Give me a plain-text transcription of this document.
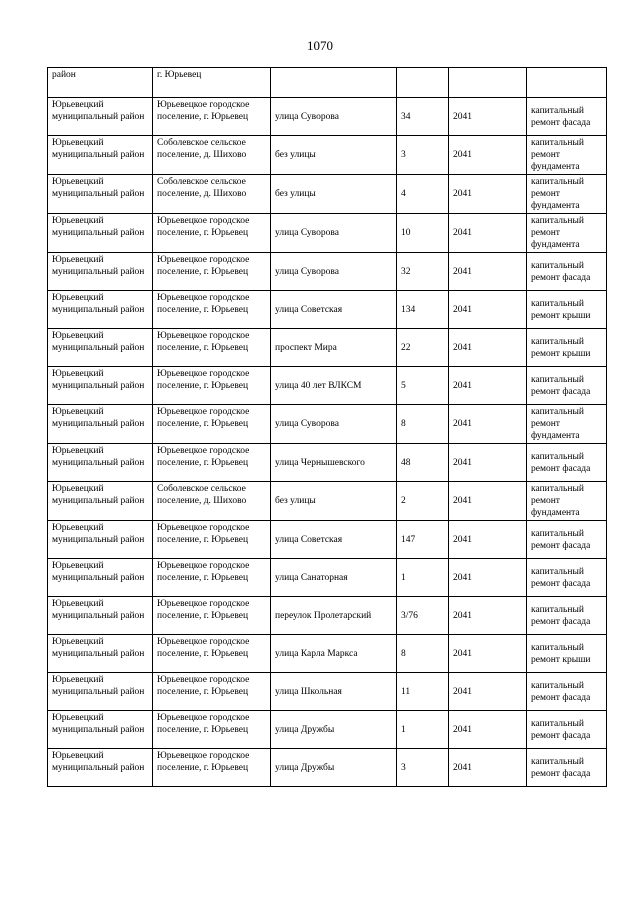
1070
район	г. Юрьевец				
Юрьевецкий муниципальный район	Юрьевецкое городское поселение, г. Юрьевец	улица Суворова	34	2041	капитальный ремонт фасада
Юрьевецкий муниципальный район	Соболевское сельское поселение, д. Шихово	без улицы	3	2041	капитальный ремонт фундамента
Юрьевецкий муниципальный район	Соболевское сельское поселение, д. Шихово	без улицы	4	2041	капитальный ремонт фундамента
Юрьевецкий муниципальный район	Юрьевецкое городское поселение, г. Юрьевец	улица Суворова	10	2041	капитальный ремонт фундамента
Юрьевецкий муниципальный район	Юрьевецкое городское поселение, г. Юрьевец	улица Суворова	32	2041	капитальный ремонт фасада
Юрьевецкий муниципальный район	Юрьевецкое городское поселение, г. Юрьевец	улица Советская	134	2041	капитальный ремонт крыши
Юрьевецкий муниципальный район	Юрьевецкое городское поселение, г. Юрьевец	проспект Мира	22	2041	капитальный ремонт крыши
Юрьевецкий муниципальный район	Юрьевецкое городское поселение, г. Юрьевец	улица 40 лет ВЛКСМ	5	2041	капитальный ремонт фасада
Юрьевецкий муниципальный район	Юрьевецкое городское поселение, г. Юрьевец	улица Суворова	8	2041	капитальный ремонт фундамента
Юрьевецкий муниципальный район	Юрьевецкое городское поселение, г. Юрьевец	улица Чернышевского	48	2041	капитальный ремонт фасада
Юрьевецкий муниципальный район	Соболевское сельское поселение, д. Шихово	без улицы	2	2041	капитальный ремонт фундамента
Юрьевецкий муниципальный район	Юрьевецкое городское поселение, г. Юрьевец	улица Советская	147	2041	капитальный ремонт фасада
Юрьевецкий муниципальный район	Юрьевецкое городское поселение, г. Юрьевец	улица Санаторная	1	2041	капитальный ремонт фасада
Юрьевецкий муниципальный район	Юрьевецкое городское поселение, г. Юрьевец	переулок Пролетарский	3/76	2041	капитальный ремонт фасада
Юрьевецкий муниципальный район	Юрьевецкое городское поселение, г. Юрьевец	улица Карла Маркса	8	2041	капитальный ремонт крыши
Юрьевецкий муниципальный район	Юрьевецкое городское поселение, г. Юрьевец	улица Школьная	11	2041	капитальный ремонт фасада
Юрьевецкий муниципальный район	Юрьевецкое городское поселение, г. Юрьевец	улица Дружбы	1	2041	капитальный ремонт фасада
Юрьевецкий муниципальный район	Юрьевецкое городское поселение, г. Юрьевец	улица Дружбы	3	2041	капитальный ремонт фасада
